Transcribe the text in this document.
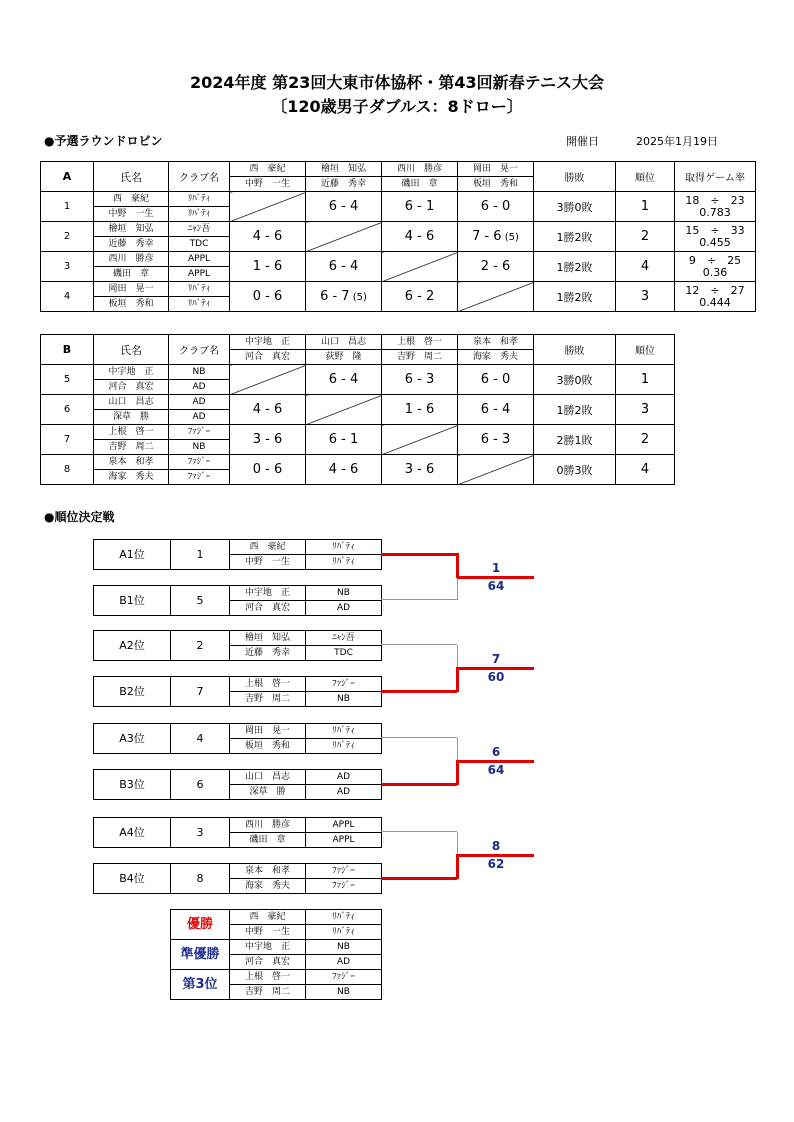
2024年度 第23回大東市体協杯・第43回新春テニス大会
〔120歳男子ダブルス：8ドロー〕
●予選ラウンドロビン	開催日	2025年1月19日
A	氏名	クラブ名	西　豪紀	檜垣　知弘	西川　勝彦	岡田　晃一	勝敗	順位	取得ゲーム率
			中野　一生	近藤　秀幸	磯田　章	板垣　秀和			
1	西　豪紀	ﾘﾊﾞﾃｨ		6 - 4	6 - 1	6 - 0	3勝0敗	1	18　÷　23
0.783

	中野　一生	ﾘﾊﾞﾃｨ							
2	檜垣　知弘	ﾆｬﾝ吾	4 - 6		4 - 6	7 - 6 (5)	1勝2敗	2	15　÷　33
0.455

	近藤　秀幸	TDC							
3	西川　勝彦	APPL	1 - 6	6 - 4		2 - 6	1勝2敗	4	9　÷　25
0.36

	磯田　章	APPL							
4	岡田　晃一	ﾘﾊﾞﾃｨ	0 - 6	6 - 7 (5)	6 - 2		1勝2敗	3	12　÷　27
0.444

	板垣　秀和	ﾘﾊﾞﾃｨ							
B	氏名	クラブ名	中宇地　正	山口　昌志	上根　啓一	泉本　和孝	勝敗	順位
			河合　真宏	荻野　隆	吉野　周二	海家　秀夫		
5	中宇地　正	NB		6 - 4	6 - 3	6 - 0	3勝0敗	1
	河合　真宏	AD						
6	山口　昌志	AD	4 - 6		1 - 6	6 - 4	1勝2敗	3
	深草　勝	AD						
7	上根　啓一	ﾌｧｼﾞｰ	3 - 6	6 - 1		6 - 3	2勝1敗	2
	吉野　周二	NB						
8	泉本　和孝	ﾌｧｼﾞｰ	0 - 6	4 - 6	3 - 6		0勝3敗	4
	海家　秀夫	ﾌｧｼﾞｰ						
●順位決定戦
A1位	1	西　豪紀	ﾘﾊﾞﾃｨ
		中野　一生	ﾘﾊﾞﾃｨ
B1位	5	中宇地　正	NB
		河合　真宏	AD
1
64
A2位	2	檜垣　知弘	ﾆｬﾝ吾
		近藤　秀幸	TDC
B2位	7	上根　啓一	ﾌｧｼﾞｰ
		吉野　周二	NB
7
60
A3位	4	岡田　晃一	ﾘﾊﾞﾃｨ
		板垣　秀和	ﾘﾊﾞﾃｨ
B3位	6	山口　昌志	AD
		深草　勝	AD
6
64
A4位	3	西川　勝彦	APPL
		磯田　章	APPL
B4位	8	泉本　和孝	ﾌｧｼﾞｰ
		海家　秀夫	ﾌｧｼﾞｰ
8
62
優勝	西　豪紀	ﾘﾊﾞﾃｨ
	中野　一生	ﾘﾊﾞﾃｨ
準優勝	中宇地　正	NB
	河合　真宏	AD
第3位	上根　啓一	ﾌｧｼﾞｰ
	吉野　周二	NB
